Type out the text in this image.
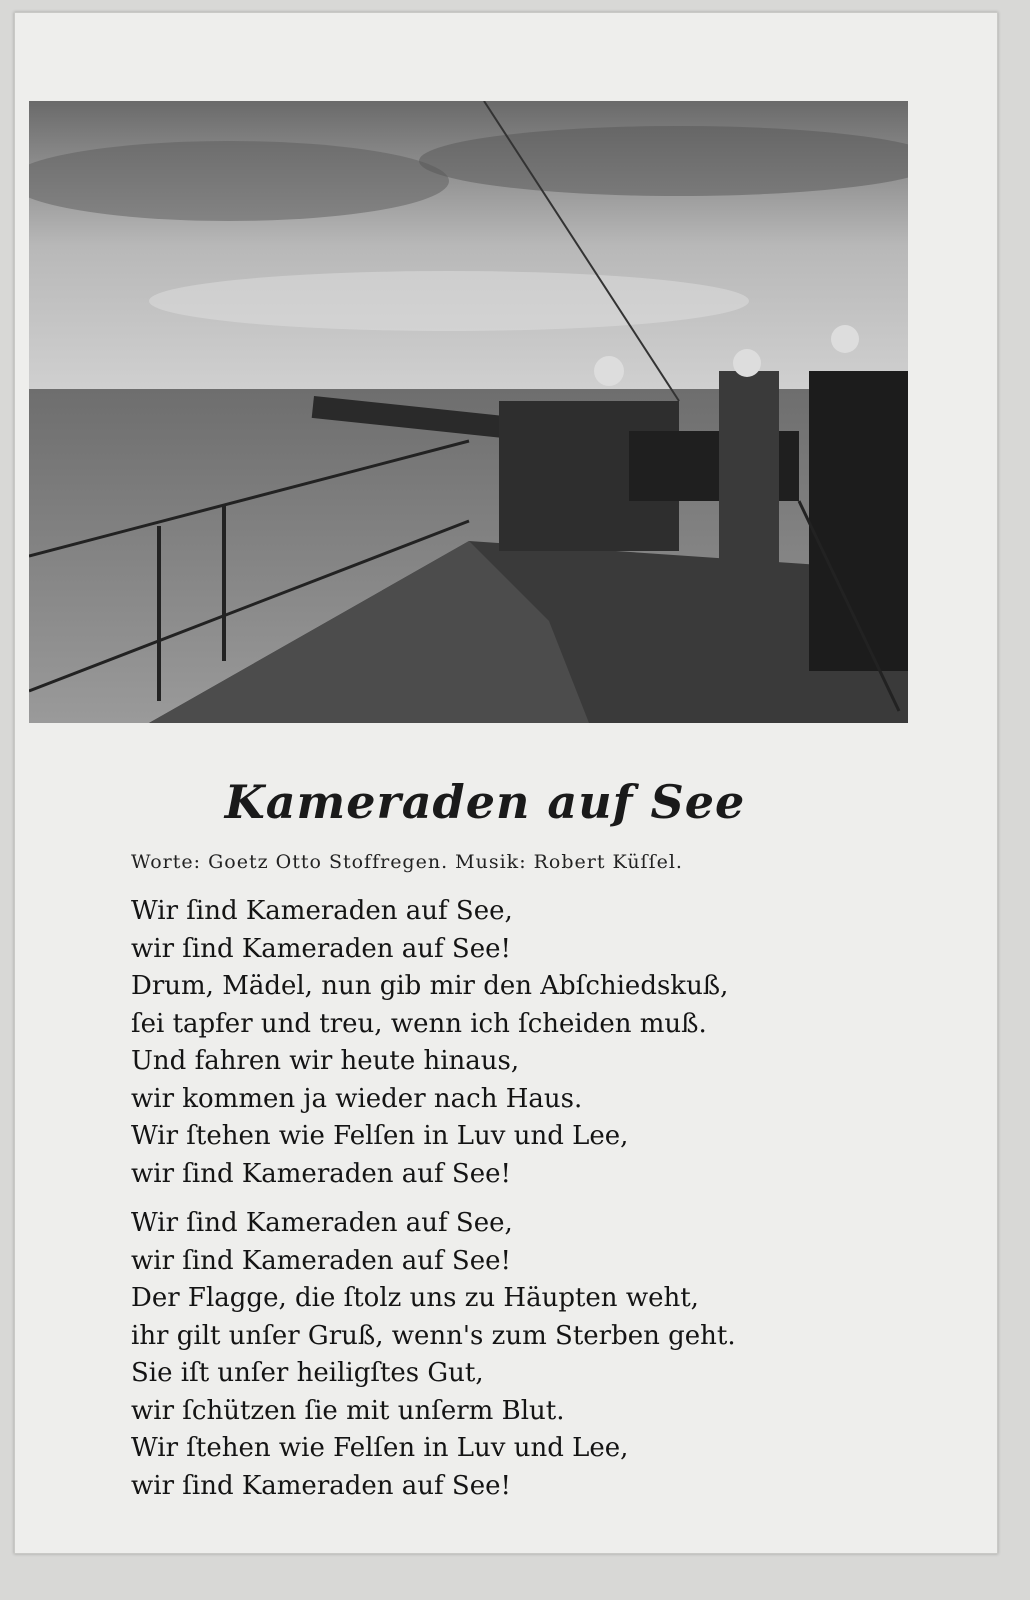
Kameraden auf See
Worte: Goetz Otto Stoffregen. Musik: Robert Küſſel.
Wir ſind Kameraden auf See,
wir ſind Kameraden auf See!
Drum, Mädel, nun gib mir den Abſchiedskuß,
ſei tapfer und treu, wenn ich ſcheiden muß.
Und fahren wir heute hinaus,
wir kommen ja wieder nach Haus.
Wir ſtehen wie Felſen in Luv und Lee,
wir ſind Kameraden auf See!
Wir ſind Kameraden auf See,
wir ſind Kameraden auf See!
Der Flagge, die ſtolz uns zu Häupten weht,
ihr gilt unſer Gruß, wenn's zum Sterben geht.
Sie iſt unſer heiligſtes Gut,
wir ſchützen ſie mit unſerm Blut.
Wir ſtehen wie Felſen in Luv und Lee,
wir ſind Kameraden auf See!
